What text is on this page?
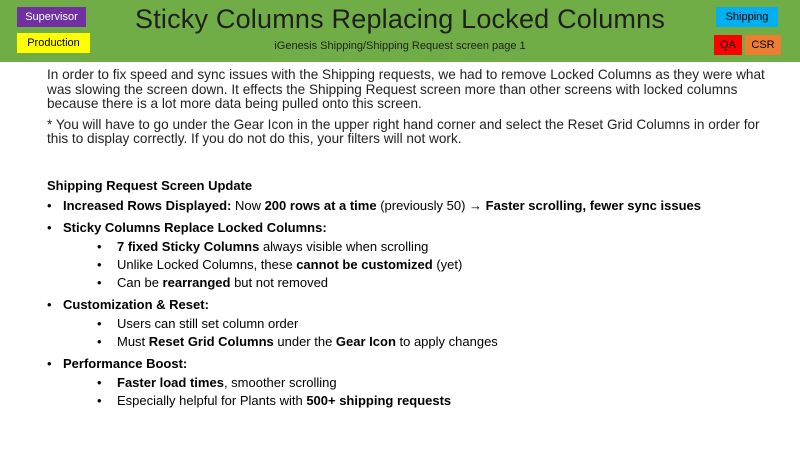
Sticky Columns Replacing Locked Columns
iGenesis Shipping/Shipping Request screen page 1
Supervisor
Production
Shipping
QA	CSR

In order to fix speed and sync issues with the Shipping requests, we had to remove Locked Columns as they were what was slowing the screen down. It effects the Shipping Request screen more than other screens with locked columns because there is a lot more data being pulled onto this screen.

* You will have to go under the Gear Icon in the upper right hand corner and select the Reset Grid Columns in order for this to display correctly. If you do not do this, your filters will not work.

Shipping Request Screen Update
• Increased Rows Displayed: Now 200 rows at a time (previously 50) → Faster scrolling, fewer sync issues
• Sticky Columns Replace Locked Columns:
• 7 fixed Sticky Columns always visible when scrolling
• Unlike Locked Columns, these cannot be customized (yet)
• Can be rearranged but not removed
• Customization & Reset:
• Users can still set column order
• Must Reset Grid Columns under the Gear Icon to apply changes
• Performance Boost:
• Faster load times, smoother scrolling
• Especially helpful for Plants with 500+ shipping requests
